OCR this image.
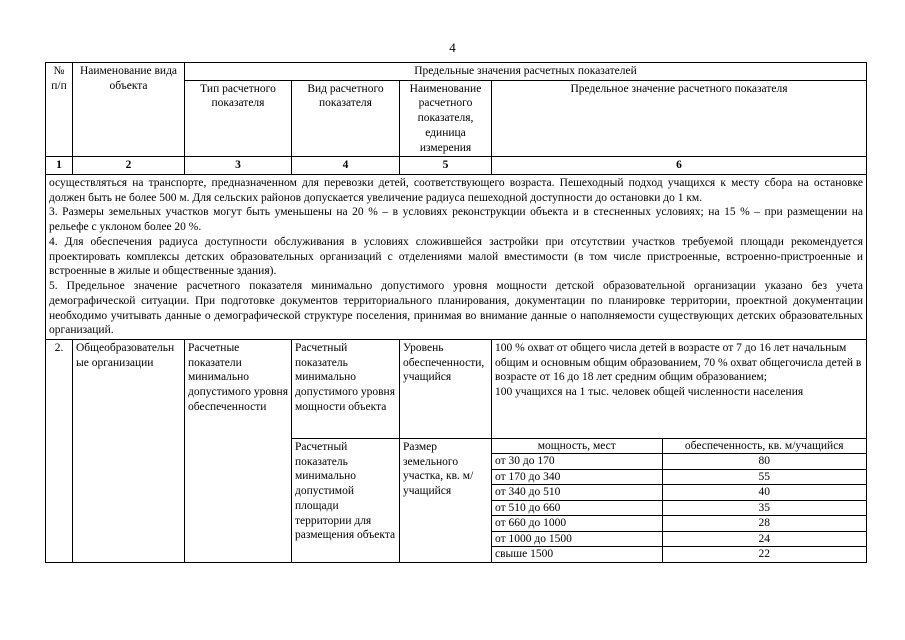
4
№ п/п	Наименование вида объекта	Предельные значения расчетных показателей
Тип расчетного показателя	Вид расчетного показателя	Наименование расчетного показателя, единица измерения	Предельное значение расчетного показателя
1	2	3	4	5	6

осуществляться на транспорте, предназначенном для перевозки детей, соответствующего возраста. Пешеходный подход учащихся к месту сбора на остановке должен быть не более 500 м. Для сельских районов допускается увеличение радиуса пешеходной доступности до остановки до 1 км.

3. Размеры земельных участков могут быть уменьшены на 20 % – в условиях реконструкции объекта и в стесненных условиях; на 15 % – при размещении на рельефе с уклоном более 20 %.

4. Для обеспечения радиуса доступности обслуживания в условиях сложившейся застройки при отсутствии участков требуемой площади рекомендуется проектировать комплексы детских образовательных организаций с отделениями малой вместимости (в том числе пристроенные, встроенно-пристроенные и встроенные в жилые и общественные здания).

5. Предельное значение расчетного показателя минимально допустимого уровня мощности детской образовательной организации указано без учета демографической ситуации. При подготовке документов территориального планирования, документации по планировке территории, проектной документации необходимо учитывать данные о демографической структуре поселения, принимая во внимание данные о наполняемости существующих детских образовательных организаций.

2.	Общеобразовательные организации	Расчетные показатели минимально допустимого уровня обеспеченности	Расчетный показатель минимально допустимого уровня мощности объекта	Уровень обеспеченности, учащийся	100 % охват от общего числа детей в возрасте от 7 до 16 лет начальным общим и основным общим образованием, 70 % охват общегочисла детей в возрасте от 16 до 18 лет средним общим образованием;
100 учащихся на 1 тыс. человек общей численности населения
Расчетный показатель минимально допустимой площади территории для размещения объекта	Размер земельного участка, кв. м/учащийся	
мощность, мест	обеспеченность, кв. м/учащийся
от 30 до 170	80
от 170 до 340	55
от 340 до 510	40
от 510 до 660	35
от 660 до 1000	28
от 1000 до 1500	24
свыше 1500	22
